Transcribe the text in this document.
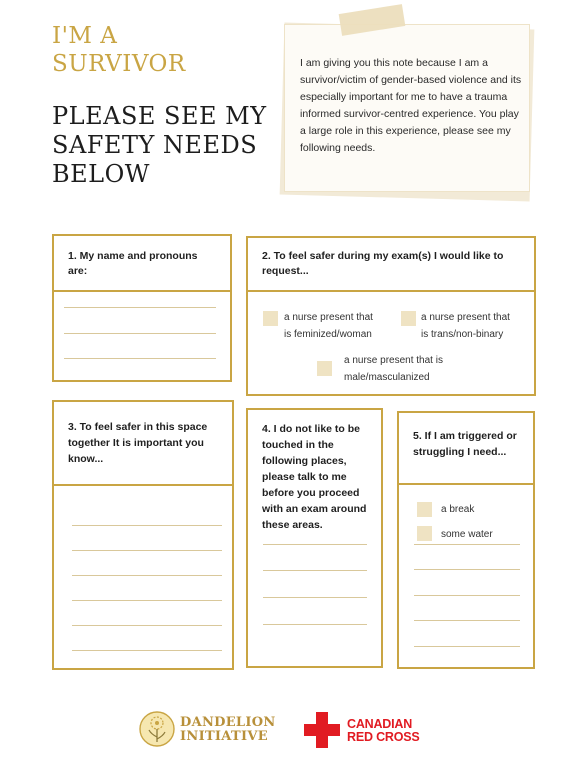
I'M A
SURVIVOR
PLEASE SEE MY
SAFETY NEEDS
BELOW
I am giving you this note because I am a survivor/victim of gender-based violence and its especially important for me to have a trauma informed survivor-centred experience. You play a large role in this experience, please see my following needs.
1. My name and pronouns are:
2. To feel safer during my exam(s) I would like to request...
a nurse present that
is feminized/woman
a nurse present that
is trans/non-binary
a nurse present that is
male/masculanized
3. To feel safer in this space together It is important you know...
4. I do not like to be touched in the following places, please talk to me before you proceed with an exam around these areas.
5. If I am triggered or struggling I need...
a break
some water
DANDELION
INITIATIVE
CANADIAN
RED CROSS
